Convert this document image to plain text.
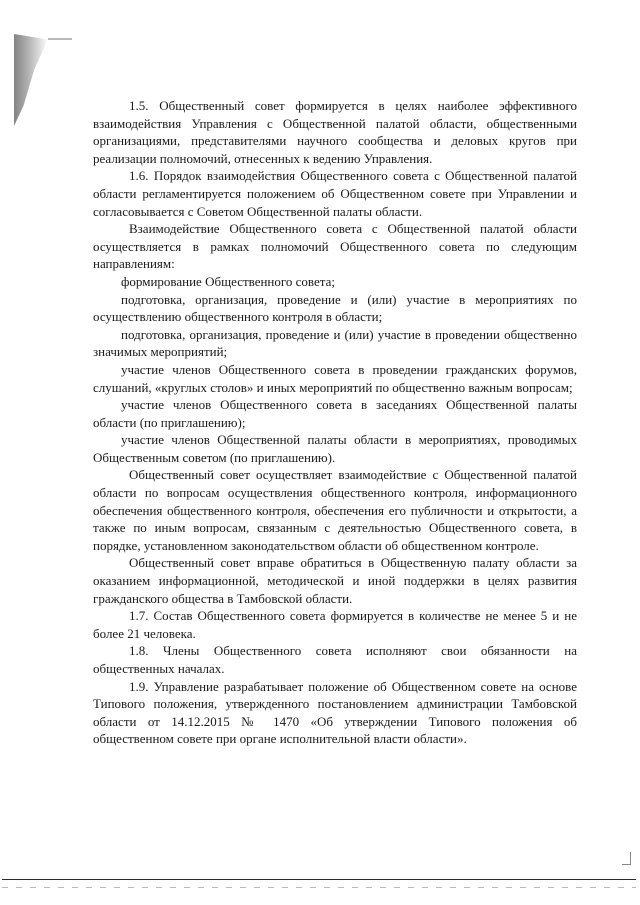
1.5. Общественный совет формируется в целях наиболее эффективного взаимодействия Управления с Общественной палатой области, общественными организациями, представителями научного сообщества и деловых кругов при реализации полномочий, отнесенных к ведению Управления.

1.6. Порядок взаимодействия Общественного совета с Общественной палатой области регламентируется положением об Общественном совете при Управлении и согласовывается с Советом Общественной палаты области.

Взаимодействие Общественного совета с Общественной палатой области осуществляется в рамках полномочий Общественного совета по следующим направлениям:

формирование Общественного совета;

подготовка, организация, проведение и (или) участие в мероприятиях по осуществлению общественного контроля в области;

подготовка, организация, проведение и (или) участие в проведении общественно значимых мероприятий;

участие членов Общественного совета в проведении гражданских форумов, слушаний, «круглых столов» и иных мероприятий по общественно важным вопросам;

участие членов Общественного совета в заседаниях Общественной палаты области (по приглашению);

участие членов Общественной палаты области в мероприятиях, проводимых Общественным советом (по приглашению).

Общественный совет осуществляет взаимодействие с Общественной палатой области по вопросам осуществления общественного контроля, информационного обеспечения общественного контроля, обеспечения его публичности и открытости, а также по иным вопросам, связанным с деятельностью Общественного совета, в порядке, установленном законодательством области об общественном контроле.

Общественный совет вправе обратиться в Общественную палату области за оказанием информационной, методической и иной поддержки в целях развития гражданского общества в Тамбовской области.

1.7. Состав Общественного совета формируется в количестве не менее 5 и не более 21 человека.

1.8. Члены Общественного совета исполняют свои обязанности на общественных началах.

1.9. Управление разрабатывает положение об Общественном совете на основе Типового положения, утвержденного постановлением администрации Тамбовской области от 14.12.2015 № 1470 «Об утверждении Типового положения об общественном совете при органе исполнительной власти области».
